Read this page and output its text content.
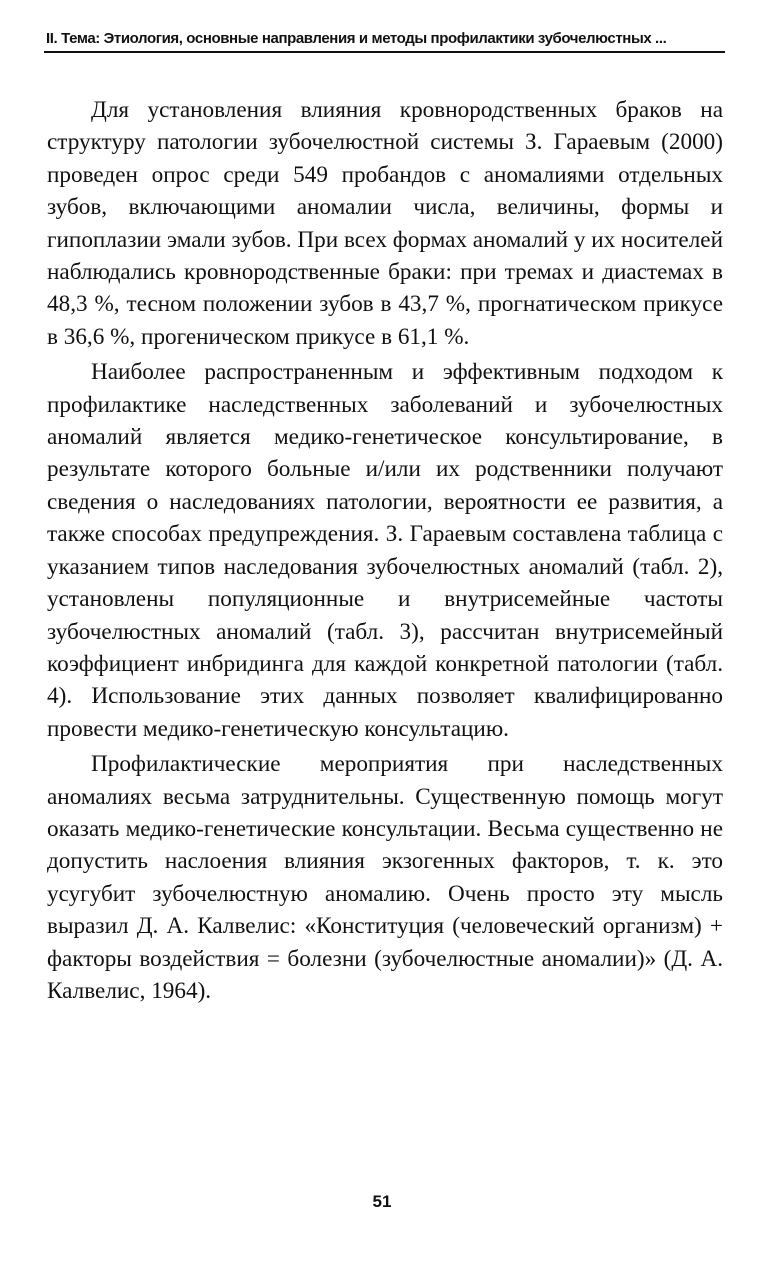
II. Тема: Этиология, основные направления и методы профилактики зубочелюстных ...

Для установления влияния кровнородственных браков на структуру патологии зубочелюстной системы З. Гараевым (2000) проведен опрос среди 549 пробандов с аномалиями отдельных зубов, включающими аномалии числа, величины, формы и гипоплазии эмали зубов. При всех формах аномалий у их носителей наблюдались кровнородственные браки: при тремах и диастемах в 48,3 %, тесном положении зубов в 43,7 %, прогнатическом прикусе в 36,6 %, прогеническом прикусе в 61,1 %.

Наиболее распространенным и эффективным подходом к профилактике наследственных заболеваний и зубочелюстных аномалий является медико-генетическое консультирование, в результате которого больные и/или их родственники получают сведения о наследованиях патологии, вероятности ее развития, а также способах предупреждения. З. Гараевым составлена таблица с указанием типов наследования зубочелюстных аномалий (табл. 2), установлены популяционные и внутрисемейные частоты зубочелюстных аномалий (табл. 3), рассчитан внутрисемейный коэффициент инбридинга для каждой конкретной патологии (табл. 4). Использование этих данных позволяет квалифицированно провести медико-генетическую консультацию.

Профилактические мероприятия при наследственных аномалиях весьма затруднительны. Существенную помощь могут оказать медико-генетические консультации. Весьма существенно не допустить наслоения влияния экзогенных факторов, т. к. это усугубит зубочелюстную аномалию. Очень просто эту мысль выразил Д. А. Калвелис: «Конституция (человеческий организм) + факторы воздействия = болезни (зубочелюстные аномалии)» (Д. А. Калвелис, 1964).

51
